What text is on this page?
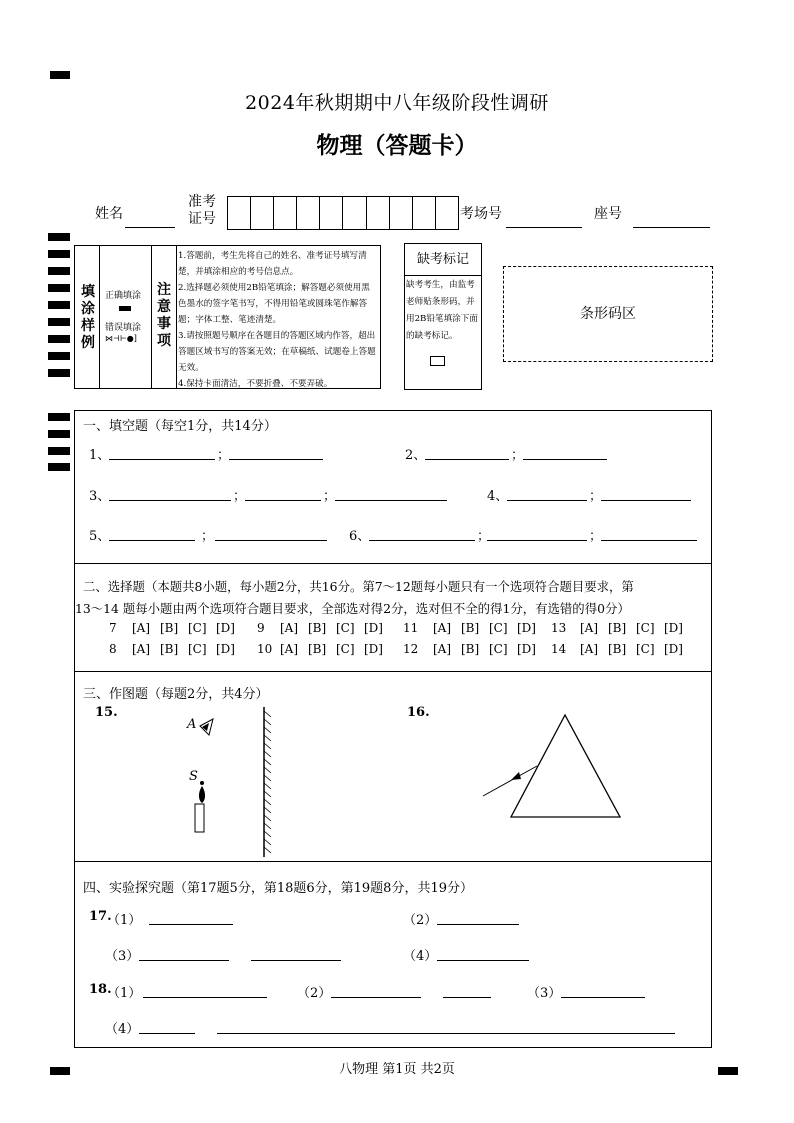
2024年秋期期中八年级阶段性调研
物理（答题卡）
姓名
准考
证号	考场号	座号
填
涂
样
例
正确填涂
错误填涂
⋈⊣⊢●]
注
意
事
项
1.答题前，考生先将自己的姓名、准考证号填写清楚，并填涂相应的考号信息点。
2.选择题必须使用2B铅笔填涂；解答题必须使用黑色墨水的签字笔书写，不得用铅笔或圆珠笔作解答题；字体工整、笔迹清楚。
3.请按照题号顺序在各题目的答题区域内作答，超出答题区域书写的答案无效；在草稿纸、试题卷上答题无效。
4.保持卡面清洁，不要折叠、不要弄破。
缺考标记
缺考考生，由监考老师贴条形码，并用2B铅笔填涂下面的缺考标记。
条形码区
一、填空题（每空1分，共14分）
1、	；	2、	；
3、	；	；	4、	；
5、	；	6、	；	；
二、选择题（本题共8小题，每小题2分，共16分。第7～12题每小题只有一个选项符合题目要求，第
13～14 题每小题由两个选项符合题目要求，全部选对得2分，选对但不全的得1分，有选错的得0分）
7 [A] [B] [C] [D] 9 [A] [B] [C] [D] 11 [A] [B] [C] [D] 13 [A] [B] [C] [D]
8 [A] [B] [C] [D] 10 [A] [B] [C] [D] 12 [A] [B] [C] [D] 14 [A] [B] [C] [D]
三、作图题（每题2分，共4分）
15.	16.
A
S
四、实验探究题（第17题5分，第18题6分，第19题8分，共19分）
17.
（1）	（2）
（3）	（4）
18.
（1）	（2）	（3）
（4）
八物理 第1页 共2页
